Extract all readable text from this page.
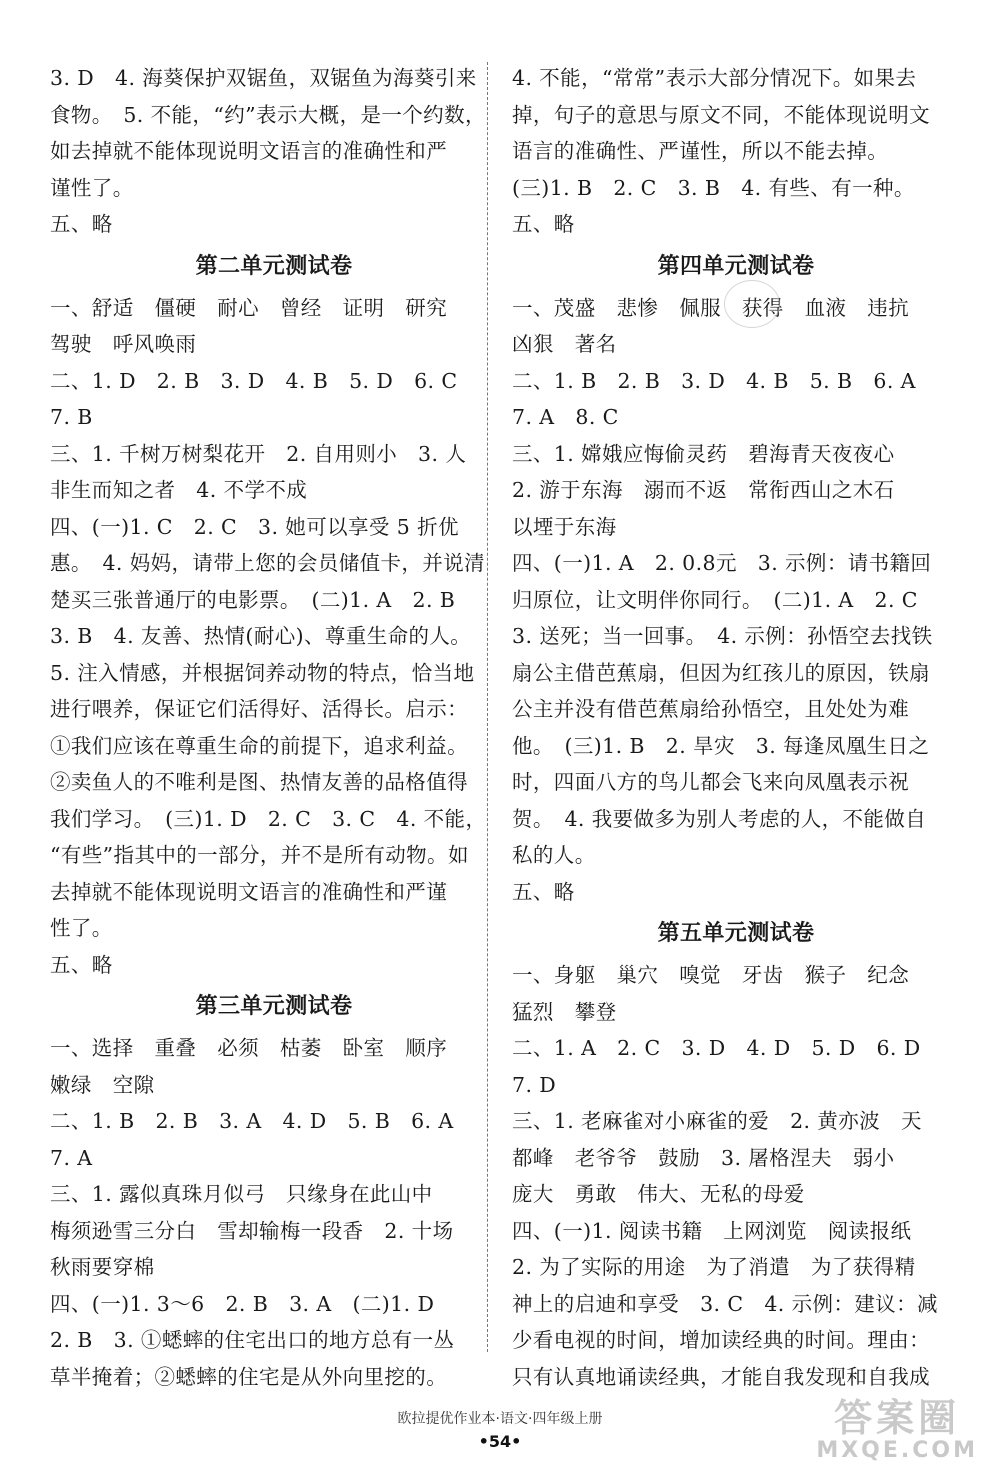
3. D　4. 海葵保护双锯鱼，双锯鱼为海葵引来
食物。　5. 不能，“约”表示大概，是一个约数，
如去掉就不能体现说明文语言的准确性和严
谨性了。
五、略
第二单元测试卷
一、舒适　僵硬　耐心　曾经　证明　研究
驾驶　呼风唤雨
二、1. D　2. B　3. D　4. B　5. D　6. C
7. B
三、1. 千树万树梨花开　2. 自用则小　3. 人
非生而知之者　4. 不学不成
四、(一)1. C　2. C　3. 她可以享受 5 折优
惠。　4. 妈妈，请带上您的会员储值卡，并说清
楚买三张普通厅的电影票。　(二)1. A　2. B
3. B　4. 友善、热情(耐心)、尊重生命的人。
5. 注入情感，并根据饲养动物的特点，恰当地
进行喂养，保证它们活得好、活得长。启示：
①我们应该在尊重生命的前提下，追求利益。
②卖鱼人的不唯利是图、热情友善的品格值得
我们学习。　(三)1. D　2. C　3. C　4. 不能，
“有些”指其中的一部分，并不是所有动物。如
去掉就不能体现说明文语言的准确性和严谨
性了。
五、略
第三单元测试卷
一、选择　重叠　必须　枯萎　卧室　顺序
嫩绿　空隙
二、1. B　2. B　3. A　4. D　5. B　6. A
7. A
三、1. 露似真珠月似弓　只缘身在此山中
梅须逊雪三分白　雪却输梅一段香　2. 十场
秋雨要穿棉
四、(一)1. 3～6　2. B　3. A　(二)1. D
2. B　3. ①蟋蟀的住宅出口的地方总有一丛
草半掩着；②蟋蟀的住宅是从外向里挖的。
4. 不能，“常常”表示大部分情况下。如果去
掉，句子的意思与原文不同，不能体现说明文
语言的准确性、严谨性，所以不能去掉。
(三)1. B　2. C　3. B　4. 有些、有一种。
五、略
第四单元测试卷
一、茂盛　悲惨　佩服　获得　血液　违抗
凶狠　著名
二、1. B　2. B　3. D　4. B　5. B　6. A
7. A　8. C
三、1. 嫦娥应悔偷灵药　碧海青天夜夜心
2. 游于东海　溺而不返　常衔西山之木石
以堙于东海
四、(一)1. A　2. 0.8元　3. 示例：请书籍回
归原位，让文明伴你同行。　(二)1. A　2. C
3. 送死；当一回事。　4. 示例：孙悟空去找铁
扇公主借芭蕉扇，但因为红孩儿的原因，铁扇
公主并没有借芭蕉扇给孙悟空，且处处为难
他。　(三)1. B　2. 旱灾　3. 每逢凤凰生日之
时，四面八方的鸟儿都会飞来向凤凰表示祝
贺。　4. 我要做多为别人考虑的人，不能做自
私的人。
五、略
第五单元测试卷
一、身躯　巢穴　嗅觉　牙齿　猴子　纪念
猛烈　攀登
二、1. A　2. C　3. D　4. D　5. D　6. D
7. D
三、1. 老麻雀对小麻雀的爱　2. 黄亦波　天
都峰　老爷爷　鼓励　3. 屠格涅夫　弱小
庞大　勇敢　伟大、无私的母爱
四、(一)1. 阅读书籍　上网浏览　阅读报纸
2. 为了实际的用途　为了消遣　为了获得精
神上的启迪和享受　3. C　4. 示例：建议：减
少看电视的时间，增加读经典的时间。理由：
只有认真地诵读经典，才能自我发现和自我成
欧拉提优作业本·语文·四年级上册
•54•
答案圈
MXQE.COM
